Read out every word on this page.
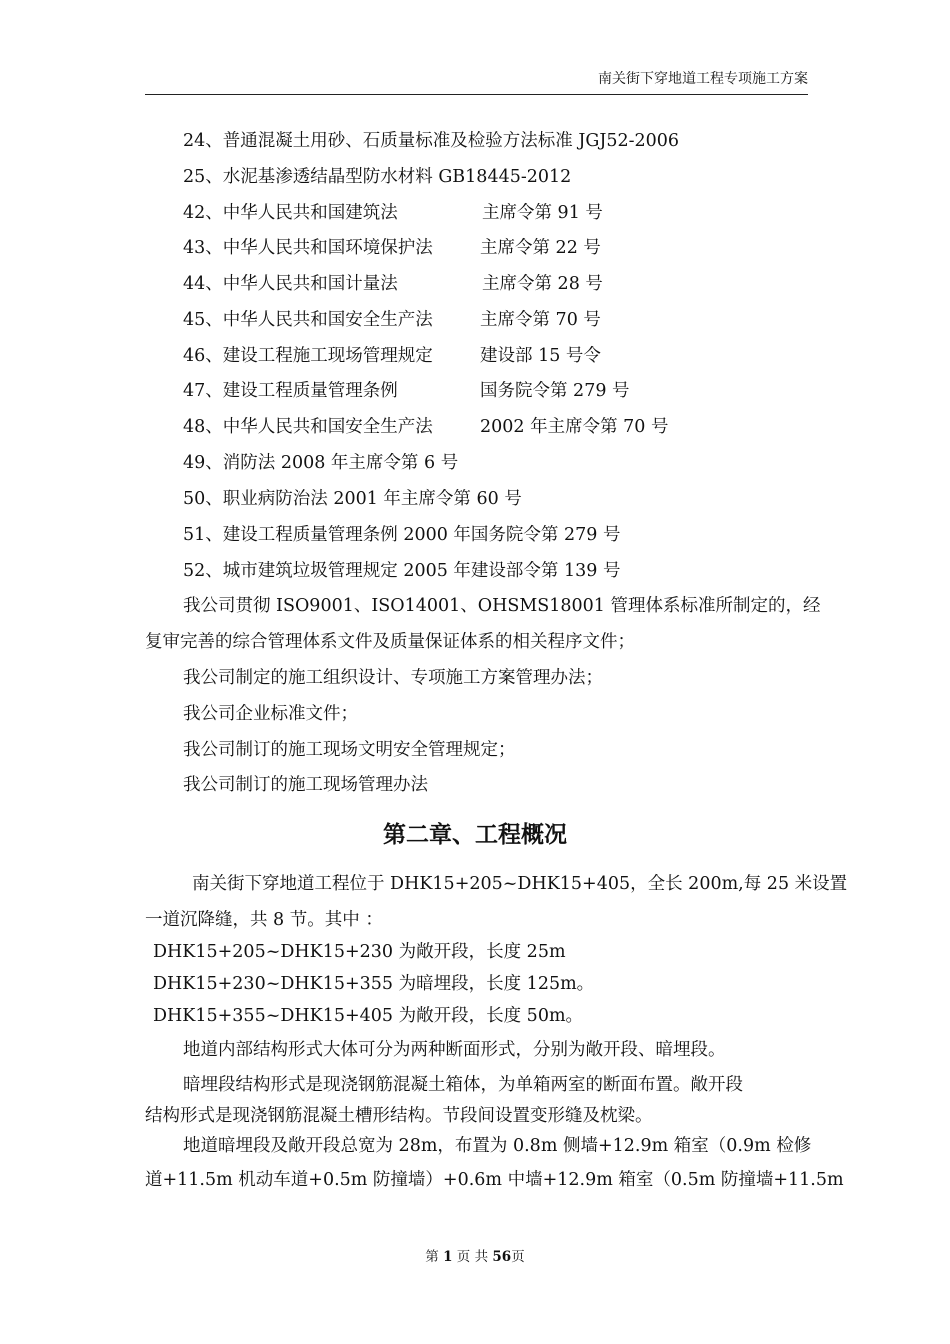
南关街下穿地道工程专项施工方案
24、普通混凝土用砂、石质量标准及检验方法标准 JGJ52-2006
25、水泥基渗透结晶型防水材料 GB18445-2012
42、中华人民共和国建筑法	主席令第 91 号
43、中华人民共和国环境保护法	主席令第 22 号
44、中华人民共和国计量法	主席令第 28 号
45、中华人民共和国安全生产法	主席令第 70 号
46、建设工程施工现场管理规定	建设部 15 号令
47、建设工程质量管理条例	国务院令第 279 号
48、中华人民共和国安全生产法	2002 年主席令第 70 号
49、消防法 2008 年主席令第 6 号
50、职业病防治法 2001 年主席令第 60 号
51、建设工程质量管理条例 2000 年国务院令第 279 号
52、城市建筑垃圾管理规定 2005 年建设部令第 139 号
我公司贯彻 ISO9001、ISO14001、OHSMS18001 管理体系标准所制定的，经
复审完善的综合管理体系文件及质量保证体系的相关程序文件；
我公司制定的施工组织设计、专项施工方案管理办法；
我公司企业标准文件；
我公司制订的施工现场文明安全管理规定；
我公司制订的施工现场管理办法
第二章、工程概况
南关街下穿地道工程位于 DHK15+205~DHK15+405，全长 200m,每 25 米设置
一道沉降缝，共 8 节。其中 ：
DHK15+205~DHK15+230 为敞开段，长度 25m
DHK15+230~DHK15+355 为暗埋段，长度 125m。
DHK15+355~DHK15+405 为敞开段，长度 50m。
地道内部结构形式大体可分为两种断面形式，分别为敞开段、暗埋段。
暗埋段结构形式是现浇钢筋混凝土箱体，为单箱两室的断面布置。敞开段
结构形式是现浇钢筋混凝土槽形结构。节段间设置变形缝及枕梁。
地道暗埋段及敞开段总宽为 28m，布置为 0.8m 侧墙+12.9m 箱室（0.9m 检修
道+11.5m 机动车道+0.5m 防撞墙）+0.6m 中墙+12.9m 箱室（0.5m 防撞墙+11.5m
第 1 页 共 56页
